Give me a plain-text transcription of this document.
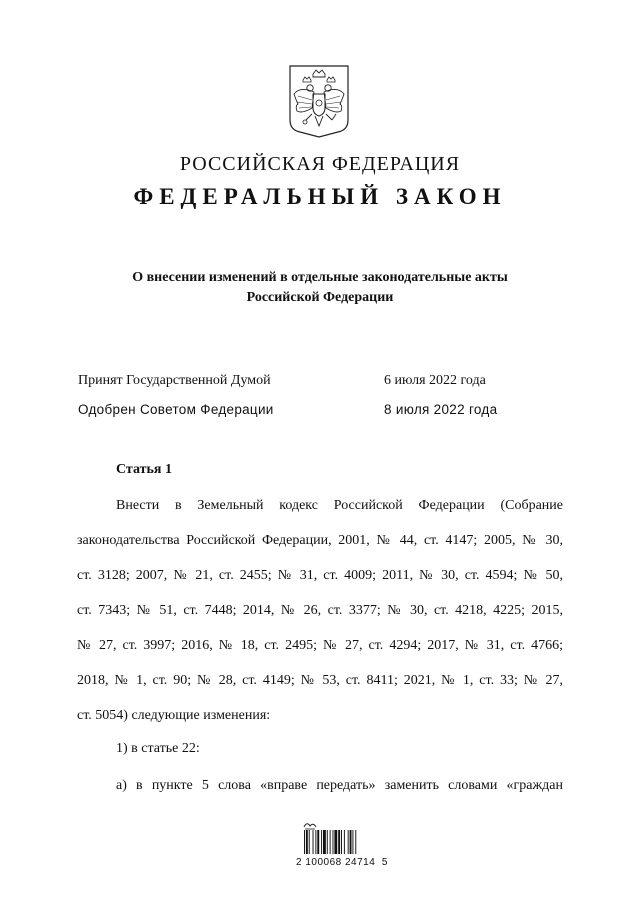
РОССИЙСКАЯ ФЕДЕРАЦИЯ
ФЕДЕРАЛЬНЫЙ ЗАКОН
О внесении изменений в отдельные законодательные акты
Российской Федерации
Принят Государственной Думой	6 июля 2022 года
Одобрен Советом Федерации	8 июля 2022 года
Статья 1
Внести в Земельный кодекс Российской Федерации (Собрание
законодательства Российской Федерации, 2001, № 44, ст. 4147; 2005, № 30,
ст. 3128; 2007, № 21, ст. 2455; № 31, ст. 4009; 2011, № 30, ст. 4594; № 50,
ст. 7343; № 51, ст. 7448; 2014, № 26, ст. 3377; № 30, ст. 4218, 4225; 2015,
№ 27, ст. 3997; 2016, № 18, ст. 2495; № 27, ст. 4294; 2017, № 31, ст. 4766;
2018, № 1, ст. 90; № 28, ст. 4149; № 53, ст. 8411; 2021, № 1, ст. 33; № 27,
ст. 5054) следующие изменения:
1) в статье 22:
а) в пункте 5 слова «вправе передать» заменить словами «граждан
2 100068 24714  5
